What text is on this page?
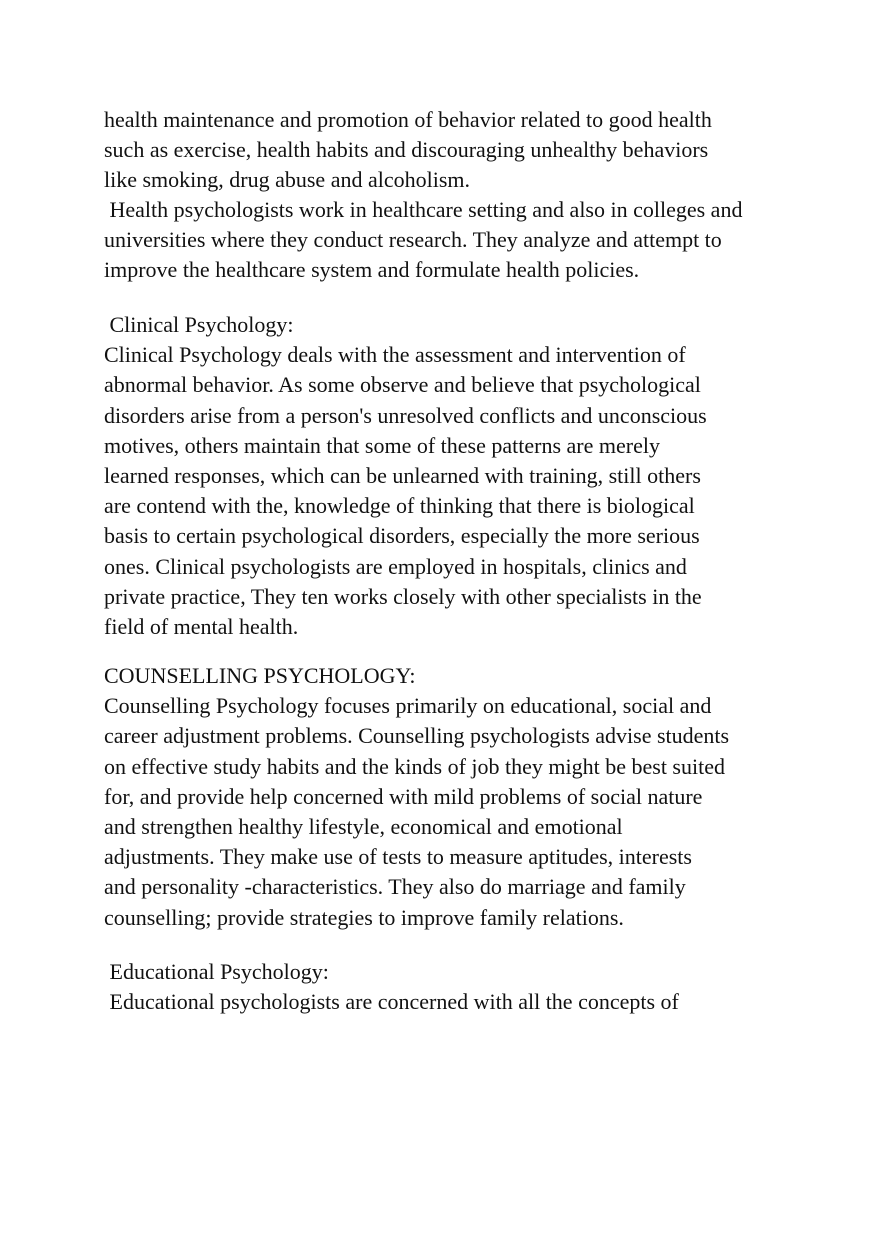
health maintenance and promotion of behavior related to good health
such as exercise, health habits and discouraging unhealthy behaviors
like smoking, drug abuse and alcoholism.
Health psychologists work in healthcare setting and also in colleges and
universities where they conduct research. They analyze and attempt to
improve the healthcare system and formulate health policies.
Clinical Psychology:
Clinical Psychology deals with the assessment and intervention of
abnormal behavior. As some observe and believe that psychological
disorders arise from a person's unresolved conflicts and unconscious
motives, others maintain that some of these patterns are merely
learned responses, which can be unlearned with training, still others
are contend with the, knowledge of thinking that there is biological
basis to certain psychological disorders, especially the more serious
ones. Clinical psychologists are employed in hospitals, clinics and
private practice, They ten works closely with other specialists in the
field of mental health.
COUNSELLING PSYCHOLOGY:
Counselling Psychology focuses primarily on educational, social and
career adjustment problems. Counselling psychologists advise students
on effective study habits and the kinds of job they might be best suited
for, and provide help concerned with mild problems of social nature
and strengthen healthy lifestyle, economical and emotional
adjustments. They make use of tests to measure aptitudes, interests
and personality -characteristics. They also do marriage and family
counselling; provide strategies to improve family relations.
Educational Psychology:
Educational psychologists are concerned with all the concepts of
